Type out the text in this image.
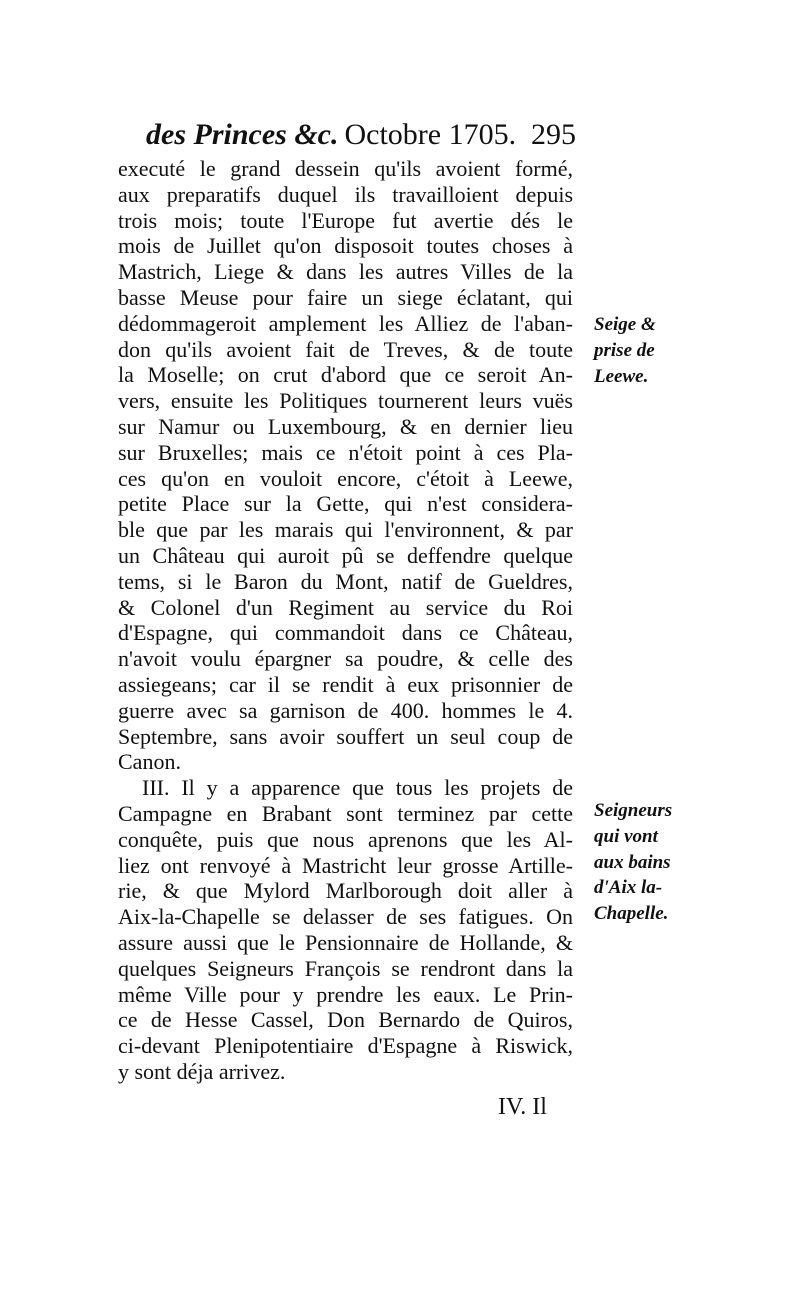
des Princes &c. Octobre 1705. 295
executé le grand dessein qu'ils avoient formé,
aux preparatifs duquel ils travailloient depuis
trois mois; toute l'Europe fut avertie dés le
mois de Juillet qu'on disposoit toutes choses à
Mastrich, Liege & dans les autres Villes de la
basse Meuse pour faire un siege éclatant, qui
dédommageroit amplement les Alliez de l'aban-
don qu'ils avoient fait de Treves, & de toute
la Moselle; on crut d'abord que ce seroit An-
vers, ensuite les Politiques tournerent leurs vuës
sur Namur ou Luxembourg, & en dernier lieu
sur Bruxelles; mais ce n'étoit point à ces Pla-
ces qu'on en vouloit encore, c'étoit à Leewe,
petite Place sur la Gette, qui n'est considera-
ble que par les marais qui l'environnent, & par
un Château qui auroit pû se deffendre quelque
tems, si le Baron du Mont, natif de Gueldres,
& Colonel d'un Regiment au service du Roi
d'Espagne, qui commandoit dans ce Château,
n'avoit voulu épargner sa poudre, & celle des
assiegeans; car il se rendit à eux prisonnier de
guerre avec sa garnison de 400. hommes le 4.
Septembre, sans avoir souffert un seul coup de
Canon.
III. Il y a apparence que tous les projets de
Campagne en Brabant sont terminez par cette
conquête, puis que nous aprenons que les Al-
liez ont renvoyé à Mastricht leur grosse Artille-
rie, & que Mylord Marlborough doit aller à
Aix-la-Chapelle se delasser de ses fatigues. On
assure aussi que le Pensionnaire de Hollande, &
quelques Seigneurs François se rendront dans la
même Ville pour y prendre les eaux. Le Prin-
ce de Hesse Cassel, Don Bernardo de Quiros,
ci-devant Plenipotentiaire d'Espagne à Riswick,
y sont déja arrivez.
Seige &
prise de
Leewe.
Seigneurs
qui vont
aux bains
d'Aix la-
Chapelle.
IV. Il
